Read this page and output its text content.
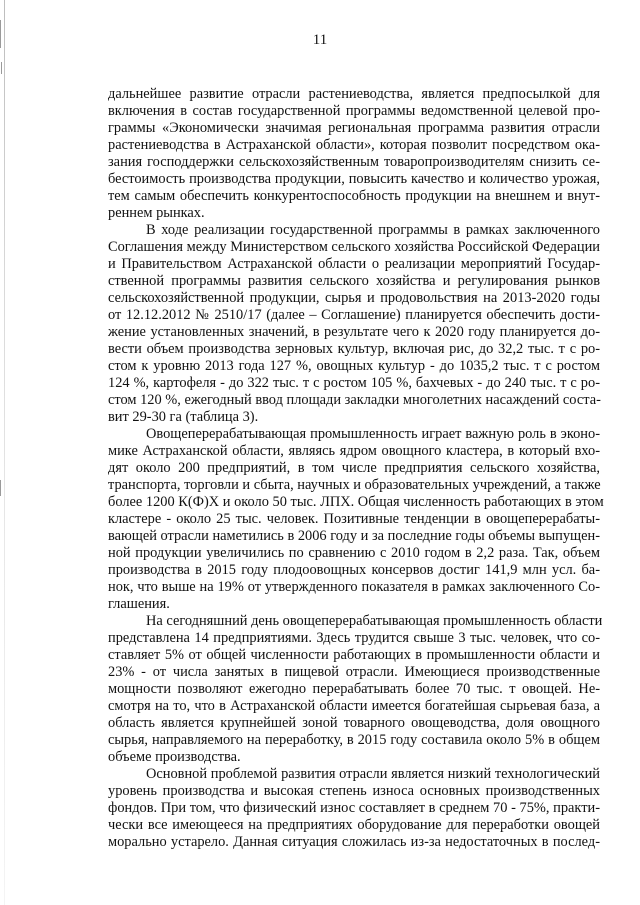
11

дальнейшее развитие отрасли растениеводства, является предпосылкой для
включения в состав государственной программы ведомственной целевой про-
граммы «Экономически значимая региональная программа развития отрасли
растениеводства в Астраханской области», которая позволит посредством ока-
зания господдержки сельскохозяйственным товаропроизводителям снизить се-
бестоимость производства продукции, повысить качество и количество урожая,
тем самым обеспечить конкурентоспособность продукции на внешнем и внут-
реннем рынках.

В ходе реализации государственной программы в рамках заключенного
Соглашения между Министерством сельского хозяйства Российской Федерации
и Правительством Астраханской области о реализации мероприятий Государ-
ственной программы развития сельского хозяйства и регулирования рынков
сельскохозяйственной продукции, сырья и продовольствия на 2013-2020 годы
от 12.12.2012 № 2510/17 (далее – Соглашение) планируется обеспечить дости-
жение установленных значений, в результате чего к 2020 году планируется до-
вести объем производства зерновых культур, включая рис, до 32,2 тыс. т с ро-
стом к уровню 2013 года 127 %, овощных культур - до 1035,2 тыс. т с ростом
124 %, картофеля - до 322 тыс. т с ростом 105 %, бахчевых - до 240 тыс. т с ро-
стом 120 %, ежегодный ввод площади закладки многолетних насаждений соста-
вит 29-30 га (таблица 3).

Овощеперерабатывающая промышленность играет важную роль в эконо-
мике Астраханской области, являясь ядром овощного кластера, в который вхо-
дят около 200 предприятий, в том числе предприятия сельского хозяйства,
транспорта, торговли и сбыта, научных и образовательных учреждений, а также
более 1200 К(Ф)Х и около 50 тыс. ЛПХ. Общая численность работающих в этом
кластере - около 25 тыс. человек. Позитивные тенденции в овощеперерабаты-
вающей отрасли наметились в 2006 году и за последние годы объемы выпущен-
ной продукции увеличились по сравнению с 2010 годом в 2,2 раза. Так, объем
производства в 2015 году плодоовощных консервов достиг 141,9 млн усл. ба-
нок, что выше на 19% от утвержденного показателя в рамках заключенного Со-
глашения.

На сегодняшний день овощеперерабатывающая промышленность области
представлена 14 предприятиями. Здесь трудится свыше 3 тыс. человек, что со-
ставляет 5% от общей численности работающих в промышленности области и
23% - от числа занятых в пищевой отрасли. Имеющиеся производственные
мощности позволяют ежегодно перерабатывать более 70 тыс. т овощей. Не-
смотря на то, что в Астраханской области имеется богатейшая сырьевая база, а
область является крупнейшей зоной товарного овощеводства, доля овощного
сырья, направляемого на переработку, в 2015 году составила около 5% в общем
объеме производства.

Основной проблемой развития отрасли является низкий технологический
уровень производства и высокая степень износа основных производственных
фондов. При том, что физический износ составляет в среднем 70 - 75%, практи-
чески все имеющееся на предприятиях оборудование для переработки овощей
морально устарело. Данная ситуация сложилась из-за недостаточных в послед-
